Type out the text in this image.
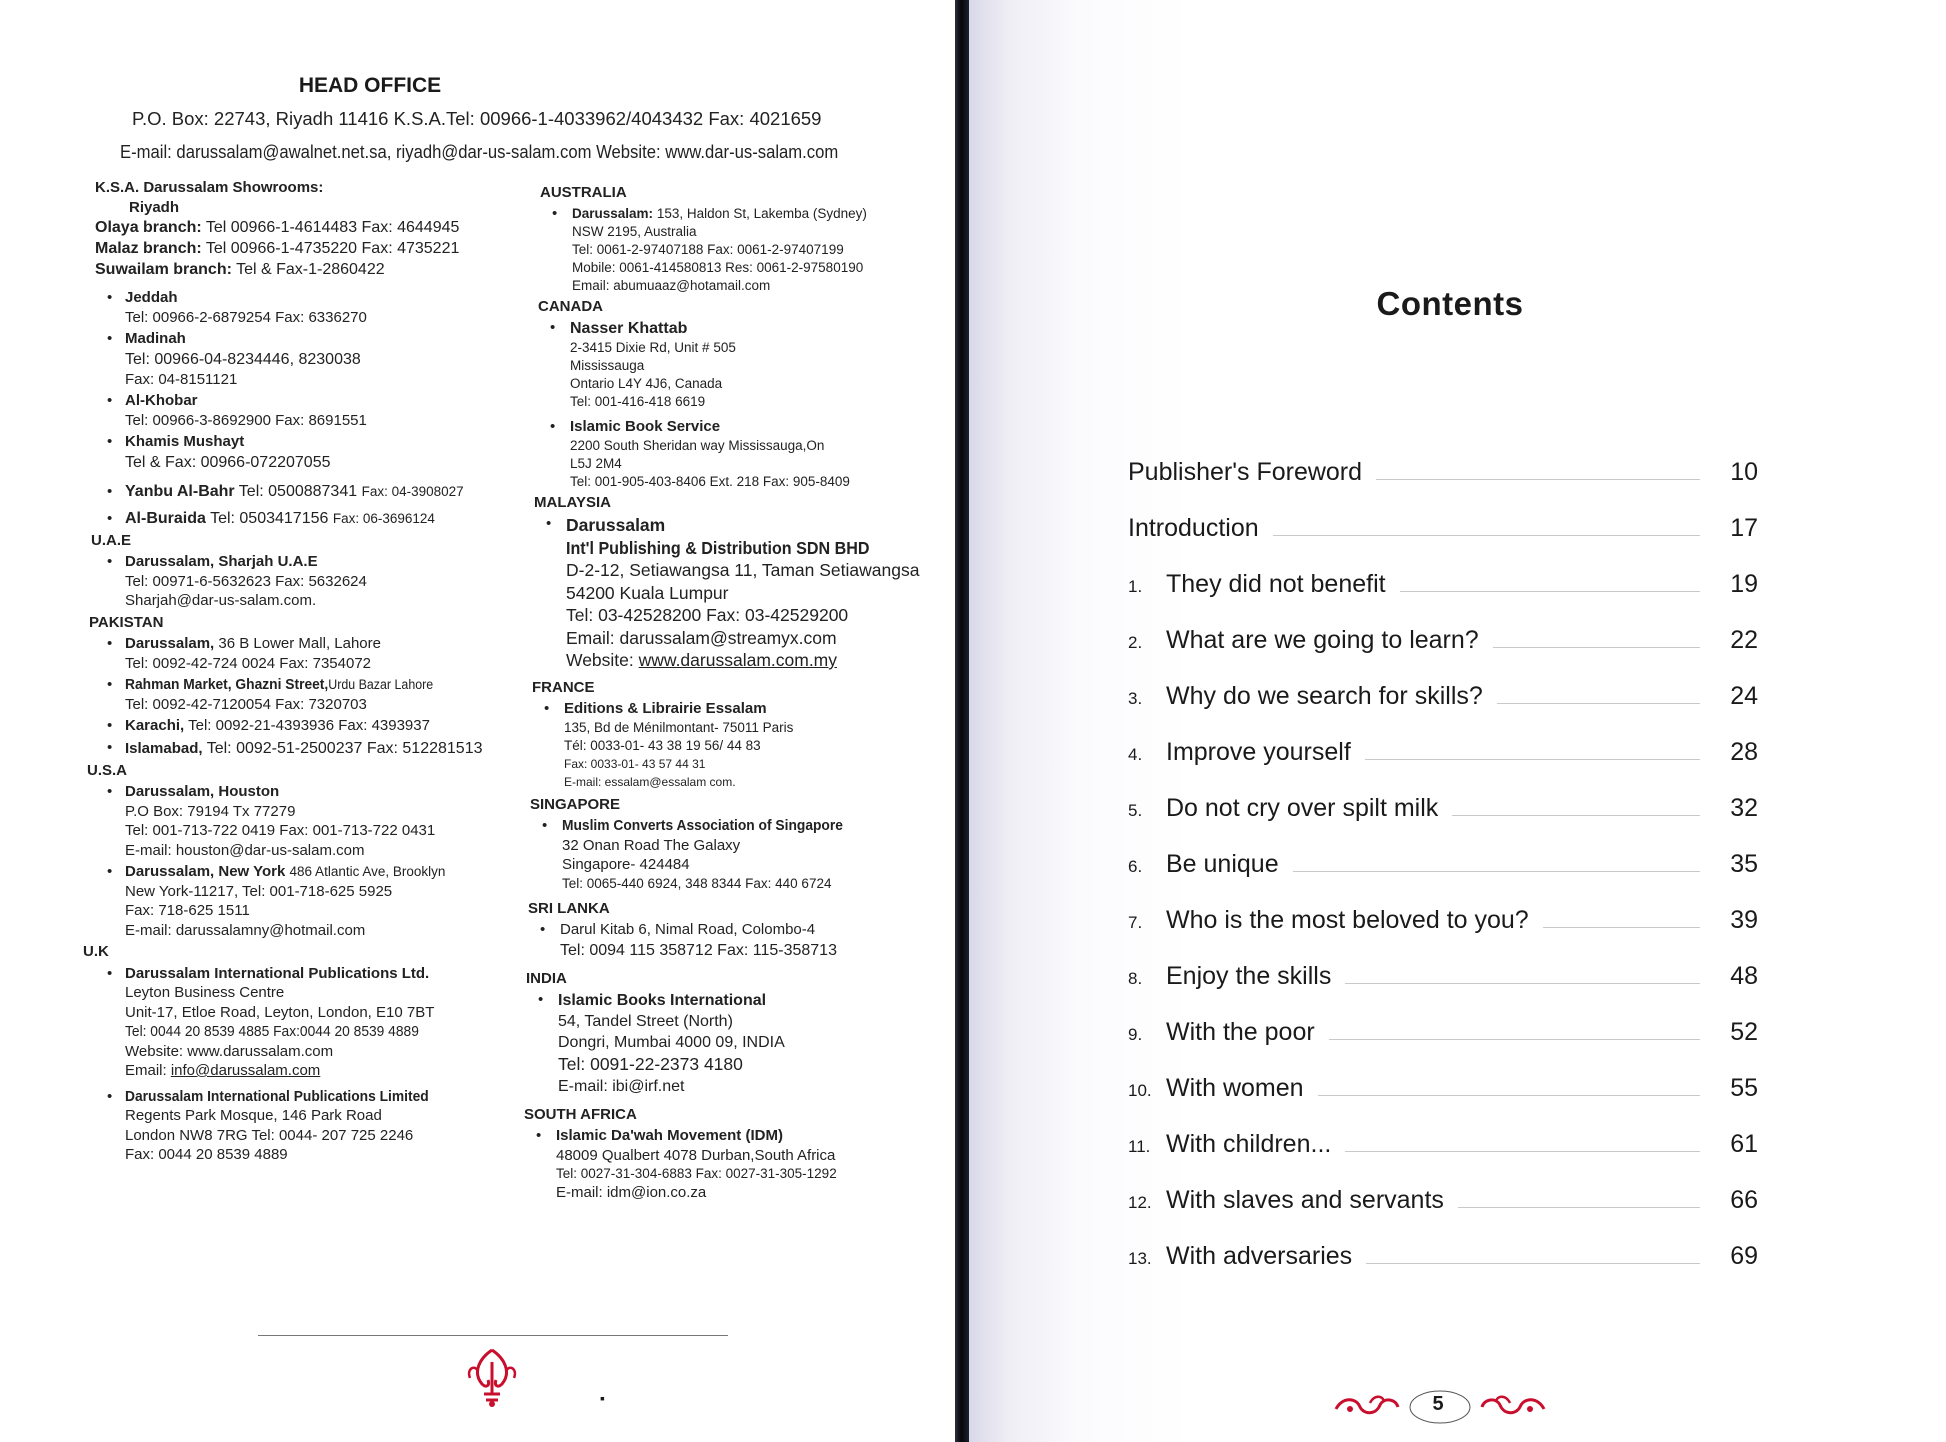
HEAD OFFICE
P.O. Box: 22743, Riyadh 11416 K.S.A.Tel: 00966-1-4033962/4043432 Fax: 4021659
E-mail: darussalam@awalnet.net.sa, riyadh@dar-us-salam.com Website: www.dar-us-salam.com
K.S.A. Darussalam Showrooms:
Riyadh
Olaya branch: Tel 00966-1-4614483 Fax: 4644945
Malaz branch: Tel 00966-1-4735220 Fax: 4735221
Suwailam branch: Tel & Fax-1-2860422
• Jeddah
Tel: 00966-2-6879254 Fax: 6336270
• Madinah
Tel: 00966-04-8234446, 8230038
Fax: 04-8151121
• Al-Khobar
Tel: 00966-3-8692900 Fax: 8691551
• Khamis Mushayt
Tel & Fax: 00966-072207055
• Yanbu Al-Bahr Tel: 0500887341 Fax: 04-3908027
• Al-Buraida Tel: 0503417156 Fax: 06-3696124
U.A.E
• Darussalam, Sharjah U.A.E
Tel: 00971-6-5632623 Fax: 5632624
Sharjah@dar-us-salam.com.
PAKISTAN
• Darussalam, 36 B Lower Mall, Lahore
Tel: 0092-42-724 0024 Fax: 7354072
• Rahman Market, Ghazni Street,Urdu Bazar Lahore
Tel: 0092-42-7120054 Fax: 7320703
• Karachi, Tel: 0092-21-4393936 Fax: 4393937
• Islamabad, Tel: 0092-51-2500237 Fax: 512281513
U.S.A
• Darussalam, Houston
P.O Box: 79194 Tx 77279
Tel: 001-713-722 0419 Fax: 001-713-722 0431
E-mail: houston@dar-us-salam.com
• Darussalam, New York 486 Atlantic Ave, Brooklyn
New York-11217, Tel: 001-718-625 5925
Fax: 718-625 1511
E-mail: darussalamny@hotmail.com
U.K
• Darussalam International Publications Ltd.
Leyton Business Centre
Unit-17, Etloe Road, Leyton, London, E10 7BT
Tel: 0044 20 8539 4885 Fax:0044 20 8539 4889
Website: www.darussalam.com
Email: info@darussalam.com
• Darussalam International Publications Limited
Regents Park Mosque, 146 Park Road
London NW8 7RG Tel: 0044- 207 725 2246
Fax: 0044 20 8539 4889
AUSTRALIA
• Darussalam: 153, Haldon St, Lakemba (Sydney)
NSW 2195, Australia
Tel: 0061-2-97407188 Fax: 0061-2-97407199
Mobile: 0061-414580813 Res: 0061-2-97580190
Email: abumuaaz@hotamail.com
CANADA
• Nasser Khattab
2-3415 Dixie Rd, Unit # 505
Mississauga
Ontario L4Y 4J6, Canada
Tel: 001-416-418 6619
• Islamic Book Service
2200 South Sheridan way Mississauga,On
L5J 2M4
Tel: 001-905-403-8406 Ext. 218 Fax: 905-8409
MALAYSIA
• Darussalam
Int'l Publishing & Distribution SDN BHD
D-2-12, Setiawangsa 11, Taman Setiawangsa
54200 Kuala Lumpur
Tel: 03-42528200 Fax: 03-42529200
Email: darussalam@streamyx.com
Website: www.darussalam.com.my
FRANCE
• Editions & Librairie Essalam
135, Bd de Ménilmontant- 75011 Paris
Tél: 0033-01- 43 38 19 56/ 44 83
Fax: 0033-01- 43 57 44 31
E-mail: essalam@essalam com.
SINGAPORE
• Muslim Converts Association of Singapore
32 Onan Road The Galaxy
Singapore- 424484
Tel: 0065-440 6924, 348 8344 Fax: 440 6724
SRI LANKA
• Darul Kitab 6, Nimal Road, Colombo-4
Tel: 0094 115 358712 Fax: 115-358713
INDIA
• Islamic Books International
54, Tandel Street (North)
Dongri, Mumbai 4000 09, INDIA
Tel: 0091-22-2373 4180
E-mail: ibi@irf.net
SOUTH AFRICA
• Islamic Da'wah Movement (IDM)
48009 Qualbert 4078 Durban,South Africa
Tel: 0027-31-304-6883 Fax: 0027-31-305-1292
E-mail: idm@ion.co.za
▪
Contents
Publisher's Foreword	10
Introduction	17
1. They did not benefit	19
2. What are we going to learn?	22
3. Why do we search for skills?	24
4. Improve yourself	28
5. Do not cry over spilt milk	32
6. Be unique	35
7. Who is the most beloved to you?	39
8. Enjoy the skills	48
9. With the poor	52
10. With women	55
11. With children...	61
12. With slaves and servants	66
13. With adversaries	69
5
